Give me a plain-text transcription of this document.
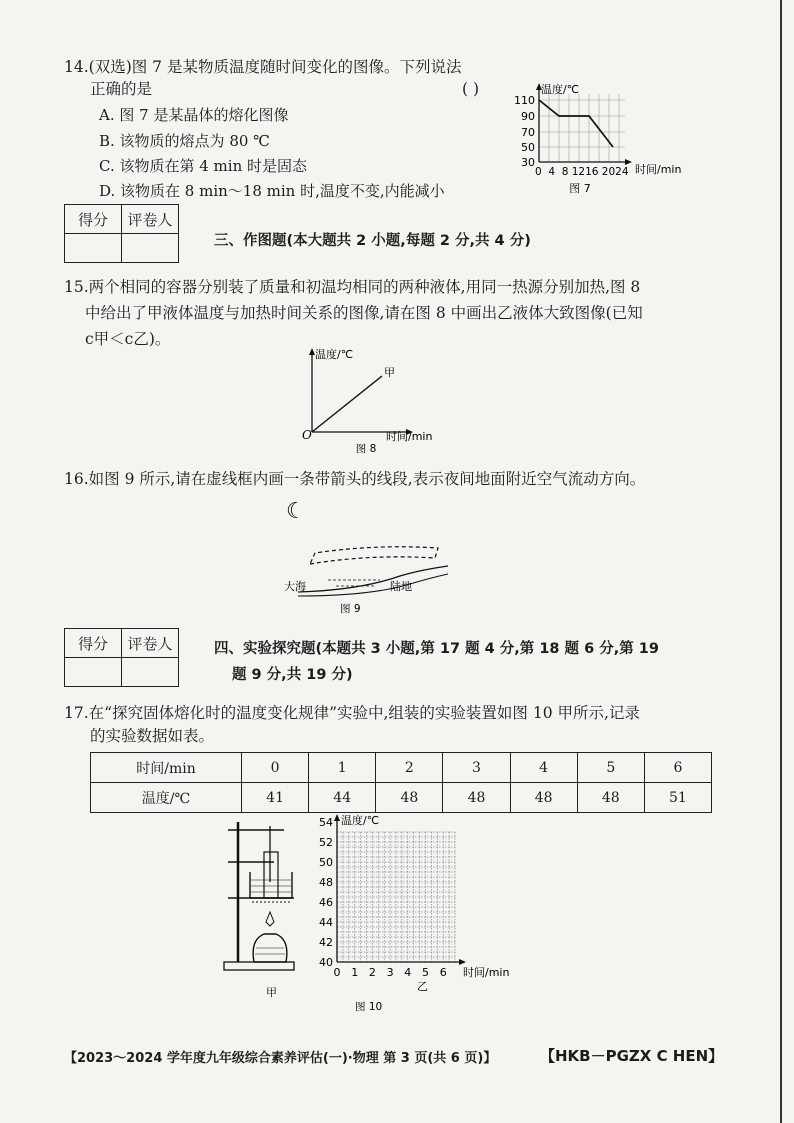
14.(双选)图 7 是某物质温度随时间变化的图像。下列说法
正确的是	( )
A. 图 7 是某晶体的熔化图像
B. 该物质的熔点为 80 ℃
C. 该物质在第 4 min 时是固态
D. 该物质在 8 min～18 min 时,温度不变,内能减小
温度/℃
时间/min
110
90
70
50
30
0  4  8 1216 2024
图 7
得分	评卷人

三、作图题(本大题共 2 小题,每题 2 分,共 4 分)
15.两个相同的容器分别装了质量和初温均相同的两种液体,用同一热源分别加热,图 8
中给出了甲液体温度与加热时间关系的图像,请在图 8 中画出乙液体大致图像(已知
c甲＜c乙)。
温度/℃
时间/min
O
甲
图 8
16.如图 9 所示,请在虚线框内画一条带箭头的线段,表示夜间地面附近空气流动方向。
☾
大海	陆地
图 9
得分	评卷人
		四、实验探究题(本题共 3 小题,第 17 题 4 分,第 18 题 6 分,第 19
题 9 分,共 19 分)
17.在“探究固体熔化时的温度变化规律”实验中,组装的实验装置如图 10 甲所示,记录
的实验数据如表。
时间/min	0	1	2	3	4	5	6
温度/℃	41	44	48	48	48	48	51
甲
54
52
50
48
46
44
42
40
0 1 2 3 4 5 6
温度/℃
时间/min
乙
图 10
【2023～2024 学年度九年级综合素养评估(一)·物理 第 3 页(共 6 页)】	【HKB－PGZX C HEN】
